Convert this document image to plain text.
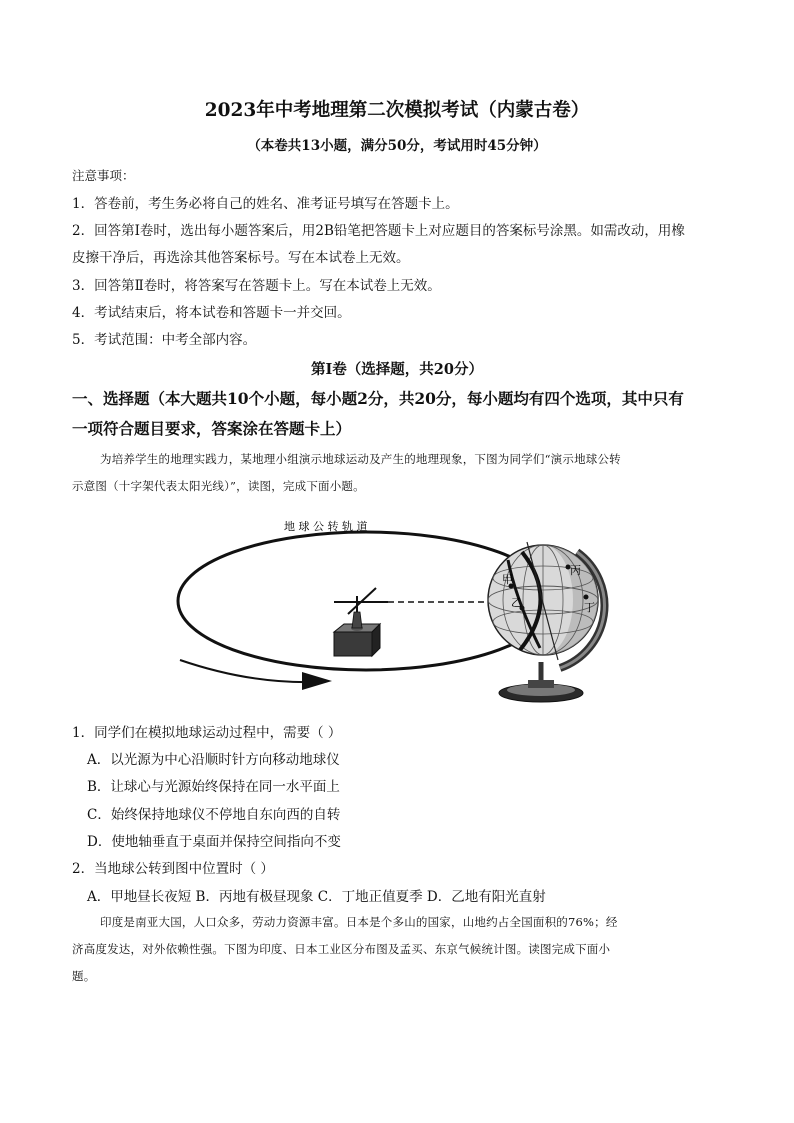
2023年中考地理第二次模拟考试（内蒙古卷）
（本卷共13小题，满分50分，考试用时45分钟）
注意事项：
1．答卷前，考生务必将自己的姓名、准考证号填写在答题卡上。
2．回答第Ⅰ卷时，选出每小题答案后，用2B铅笔把答题卡上对应题目的答案标号涂黑。如需改动，用橡
皮擦干净后，再选涂其他答案标号。写在本试卷上无效。
3．回答第Ⅱ卷时，将答案写在答题卡上。写在本试卷上无效。
4．考试结束后，将本试卷和答题卡一并交回。
5．考试范围：中考全部内容。
第Ⅰ卷（选择题，共20分）
一、选择题（本大题共10个小题，每小题2分，共20分，每小题均有四个选项，其中只有
一项符合题目要求，答案涂在答题卡上）
为培养学生的地理实践力，某地理小组演示地球运动及产生的地理现象，下图为同学们“演示地球公转
示意图（十字架代表太阳光线）”，读图，完成下面小题。
地 球 公 转 轨 道
甲
乙
丙
丁
1．同学们在模拟地球运动过程中，需要（ ）
A．以光源为中心沿顺时针方向移动地球仪
B．让球心与光源始终保持在同一水平面上
C．始终保持地球仪不停地自东向西的自转
D．使地轴垂直于桌面并保持空间指向不变
2．当地球公转到图中位置时（ ）
A．甲地昼长夜短 B．丙地有极昼现象 C．丁地正值夏季 D．乙地有阳光直射
印度是南亚大国，人口众多，劳动力资源丰富。日本是个多山的国家，山地约占全国面积的76%；经
济高度发达，对外依赖性强。下图为印度、日本工业区分布图及孟买、东京气候统计图。读图完成下面小
题。
